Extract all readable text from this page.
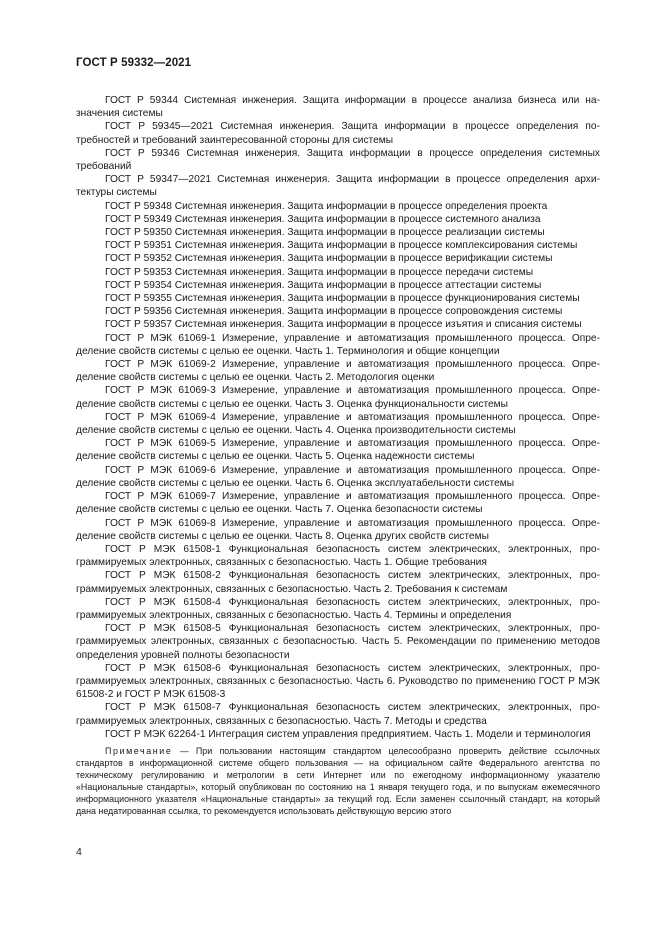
ГОСТ Р 59332—2021

ГОСТ Р 59344 Системная инженерия. Защита информации в процессе анализа бизнеса или назначения системы

ГОСТ Р 59345—2021 Системная инженерия. Защита информации в процессе определения потребностей и требований заинтересованной стороны для системы

ГОСТ Р 59346 Системная инженерия. Защита информации в процессе определения системных требований

ГОСТ Р 59347—2021 Системная инженерия. Защита информации в процессе определения архитектуры системы

ГОСТ Р 59348 Системная инженерия. Защита информации в процессе определения проекта

ГОСТ Р 59349 Системная инженерия. Защита информации в процессе системного анализа

ГОСТ Р 59350 Системная инженерия. Защита информации в процессе реализации системы

ГОСТ Р 59351 Системная инженерия. Защита информации в процессе комплексирования системы

ГОСТ Р 59352 Системная инженерия. Защита информации в процессе верификации системы

ГОСТ Р 59353 Системная инженерия. Защита информации в процессе передачи системы

ГОСТ Р 59354 Системная инженерия. Защита информации в процессе аттестации системы

ГОСТ Р 59355 Системная инженерия. Защита информации в процессе функционирования системы

ГОСТ Р 59356 Системная инженерия. Защита информации в процессе сопровождения системы

ГОСТ Р 59357 Системная инженерия. Защита информации в процессе изъятия и списания системы

ГОСТ Р МЭК 61069-1 Измерение, управление и автоматизация промышленного процесса. Определение свойств системы с целью ее оценки. Часть 1. Терминология и общие концепции

ГОСТ Р МЭК 61069-2 Измерение, управление и автоматизация промышленного процесса. Определение свойств системы с целью ее оценки. Часть 2. Методология оценки

ГОСТ Р МЭК 61069-3 Измерение, управление и автоматизация промышленного процесса. Определение свойств системы с целью ее оценки. Часть 3. Оценка функциональности системы

ГОСТ Р МЭК 61069-4 Измерение, управление и автоматизация промышленного процесса. Определение свойств системы с целью ее оценки. Часть 4. Оценка производительности системы

ГОСТ Р МЭК 61069-5 Измерение, управление и автоматизация промышленного процесса. Определение свойств системы с целью ее оценки. Часть 5. Оценка надежности системы

ГОСТ Р МЭК 61069-6 Измерение, управление и автоматизация промышленного процесса. Определение свойств системы с целью ее оценки. Часть 6. Оценка эксплуатабельности системы

ГОСТ Р МЭК 61069-7 Измерение, управление и автоматизация промышленного процесса. Определение свойств системы с целью ее оценки. Часть 7. Оценка безопасности системы

ГОСТ Р МЭК 61069-8 Измерение, управление и автоматизация промышленного процесса. Определение свойств системы с целью ее оценки. Часть 8. Оценка других свойств системы

ГОСТ Р МЭК 61508-1 Функциональная безопасность систем электрических, электронных, программируемых электронных, связанных с безопасностью. Часть 1. Общие требования

ГОСТ Р МЭК 61508-2 Функциональная безопасность систем электрических, электронных, программируемых электронных, связанных с безопасностью. Часть 2. Требования к системам

ГОСТ Р МЭК 61508-4 Функциональная безопасность систем электрических, электронных, программируемых электронных, связанных с безопасностью. Часть 4. Термины и определения

ГОСТ Р МЭК 61508-5 Функциональная безопасность систем электрических, электронных, программируемых электронных, связанных с безопасностью. Часть 5. Рекомендации по применению методов определения уровней полноты безопасности

ГОСТ Р МЭК 61508-6 Функциональная безопасность систем электрических, электронных, программируемых электронных, связанных с безопасностью. Часть 6. Руководство по применению ГОСТ Р МЭК 61508-2 и ГОСТ Р МЭК 61508-3

ГОСТ Р МЭК 61508-7 Функциональная безопасность систем электрических, электронных, программируемых электронных, связанных с безопасностью. Часть 7. Методы и средства

ГОСТ Р МЭК 62264-1 Интеграция систем управления предприятием. Часть 1. Модели и терминология

Примечание — При пользовании настоящим стандартом целесообразно проверить действие ссылочных стандартов в информационной системе общего пользования — на официальном сайте Федерального агентства по техническому регулированию и метрологии в сети Интернет или по ежегодному информационному указателю «Национальные стандарты», который опубликован по состоянию на 1 января текущего года, и по выпускам ежемесячного информационного указателя «Национальные стандарты» за текущий год. Если заменен ссылочный стандарт, на который дана недатированная ссылка, то рекомендуется использовать действующую версию этого

4
